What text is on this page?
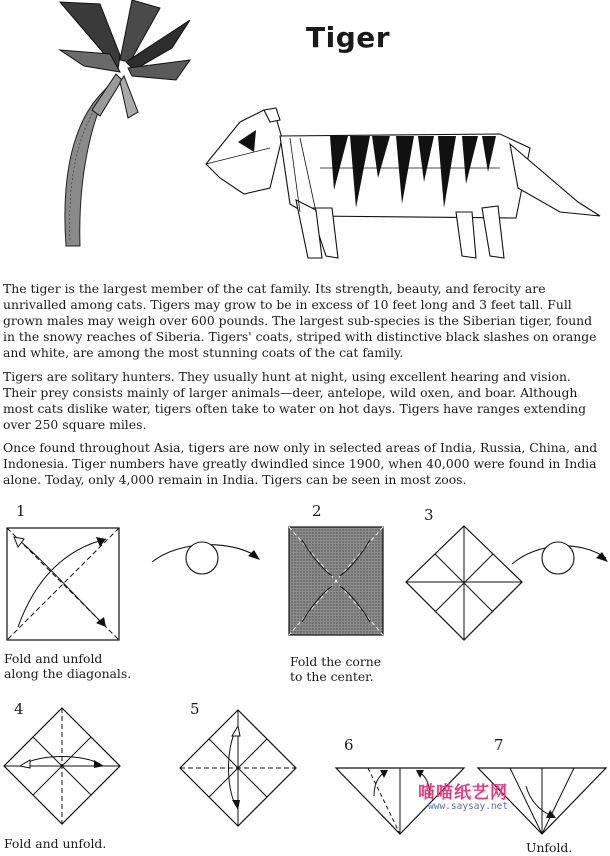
Tiger

The tiger is the largest member of the cat family. Its strength, beauty, and ferocity are unrivalled among cats. Tigers may grow to be in excess of 10 feet long and 3 feet tall. Full grown males may weigh over 600 pounds. The largest sub-species is the Siberian tiger, found in the snowy reaches of Siberia. Tigers' coats, striped with distinctive black slashes on orange and white, are among the most stunning coats of the cat family.

Tigers are solitary hunters. They usually hunt at night, using excellent hearing and vision. Their prey consists mainly of larger animals—deer, antelope, wild oxen, and boar. Although most cats dislike water, tigers often take to water on hot days. Tigers have ranges extending over 250 square miles.

Once found throughout Asia, tigers are now only in selected areas of India, Russia, China, and Indonesia. Tiger numbers have greatly dwindled since 1900, when 40,000 were found in India alone. Today, only 4,000 remain in India. Tigers can be seen in most zoos.

1
Fold and unfold
along the diagonals.
2
Fold the corne
to the center.
3
4
Fold and unfold.
5
6	7
Unfold.
喵喵纸艺网
www.saysay.net
